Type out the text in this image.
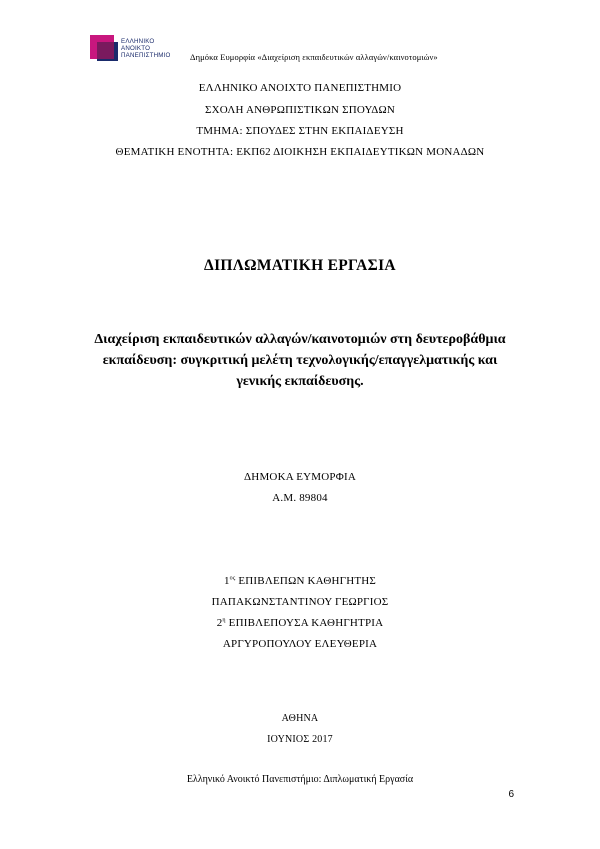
ΕΛΛΗΝΙΚΟ
ΑΝΟΙΚΤΟ
ΠΑΝΕΠΙΣΤΗΜΙΟ Δημόκα Ευμορφία «Διαχείριση εκπαιδευτικών αλλαγών/καινοτομιών»
ΕΛΛΗΝΙΚΟ ΑΝΟΙΧΤΟ ΠΑΝΕΠΙΣΤΗΜΙΟ
ΣΧΟΛΗ ΑΝΘΡΩΠΙΣΤΙΚΩΝ ΣΠΟΥΔΩΝ
ΤΜΗΜΑ: ΣΠΟΥΔΕΣ ΣΤΗΝ ΕΚΠΑΙΔΕΥΣΗ
ΘΕΜΑΤΙΚΗ ΕΝΟΤΗΤΑ: ΕΚΠ62 ΔΙΟΙΚΗΣΗ ΕΚΠΑΙΔΕΥΤΙΚΩΝ ΜΟΝΑΔΩΝ
ΔΙΠΛΩΜΑΤΙΚΗ ΕΡΓΑΣΙΑ
Διαχείριση εκπαιδευτικών αλλαγών/καινοτομιών στη δευτεροβάθμια
εκπαίδευση: συγκριτική μελέτη τεχνολογικής/επαγγελματικής και
γενικής εκπαίδευσης.
ΔΗΜΟΚΑ ΕΥΜΟΡΦΙΑ
Α.Μ. 89804
$1^{o\varsigma}$ ΕΠΙΒΛΕΠΩΝ ΚΑΘΗΓΗΤΗΣ
ΠΑΠΑΚΩΝΣΤΑΝΤΙΝΟΥ ΓΕΩΡΓΙΟΣ
$2^\eta$ ΕΠΙΒΛΕΠΟΥΣΑ ΚΑΘΗΓΗΤΡΙΑ
ΑΡΓΥΡΟΠΟΥΛΟΥ ΕΛΕΥΘΕΡΙΑ
ΑΘΗΝΑ
ΙΟΥΝΙΟΣ 2017
Ελληνικό Ανοικτό Πανεπιστήμιο: Διπλωματική Εργασία
6
